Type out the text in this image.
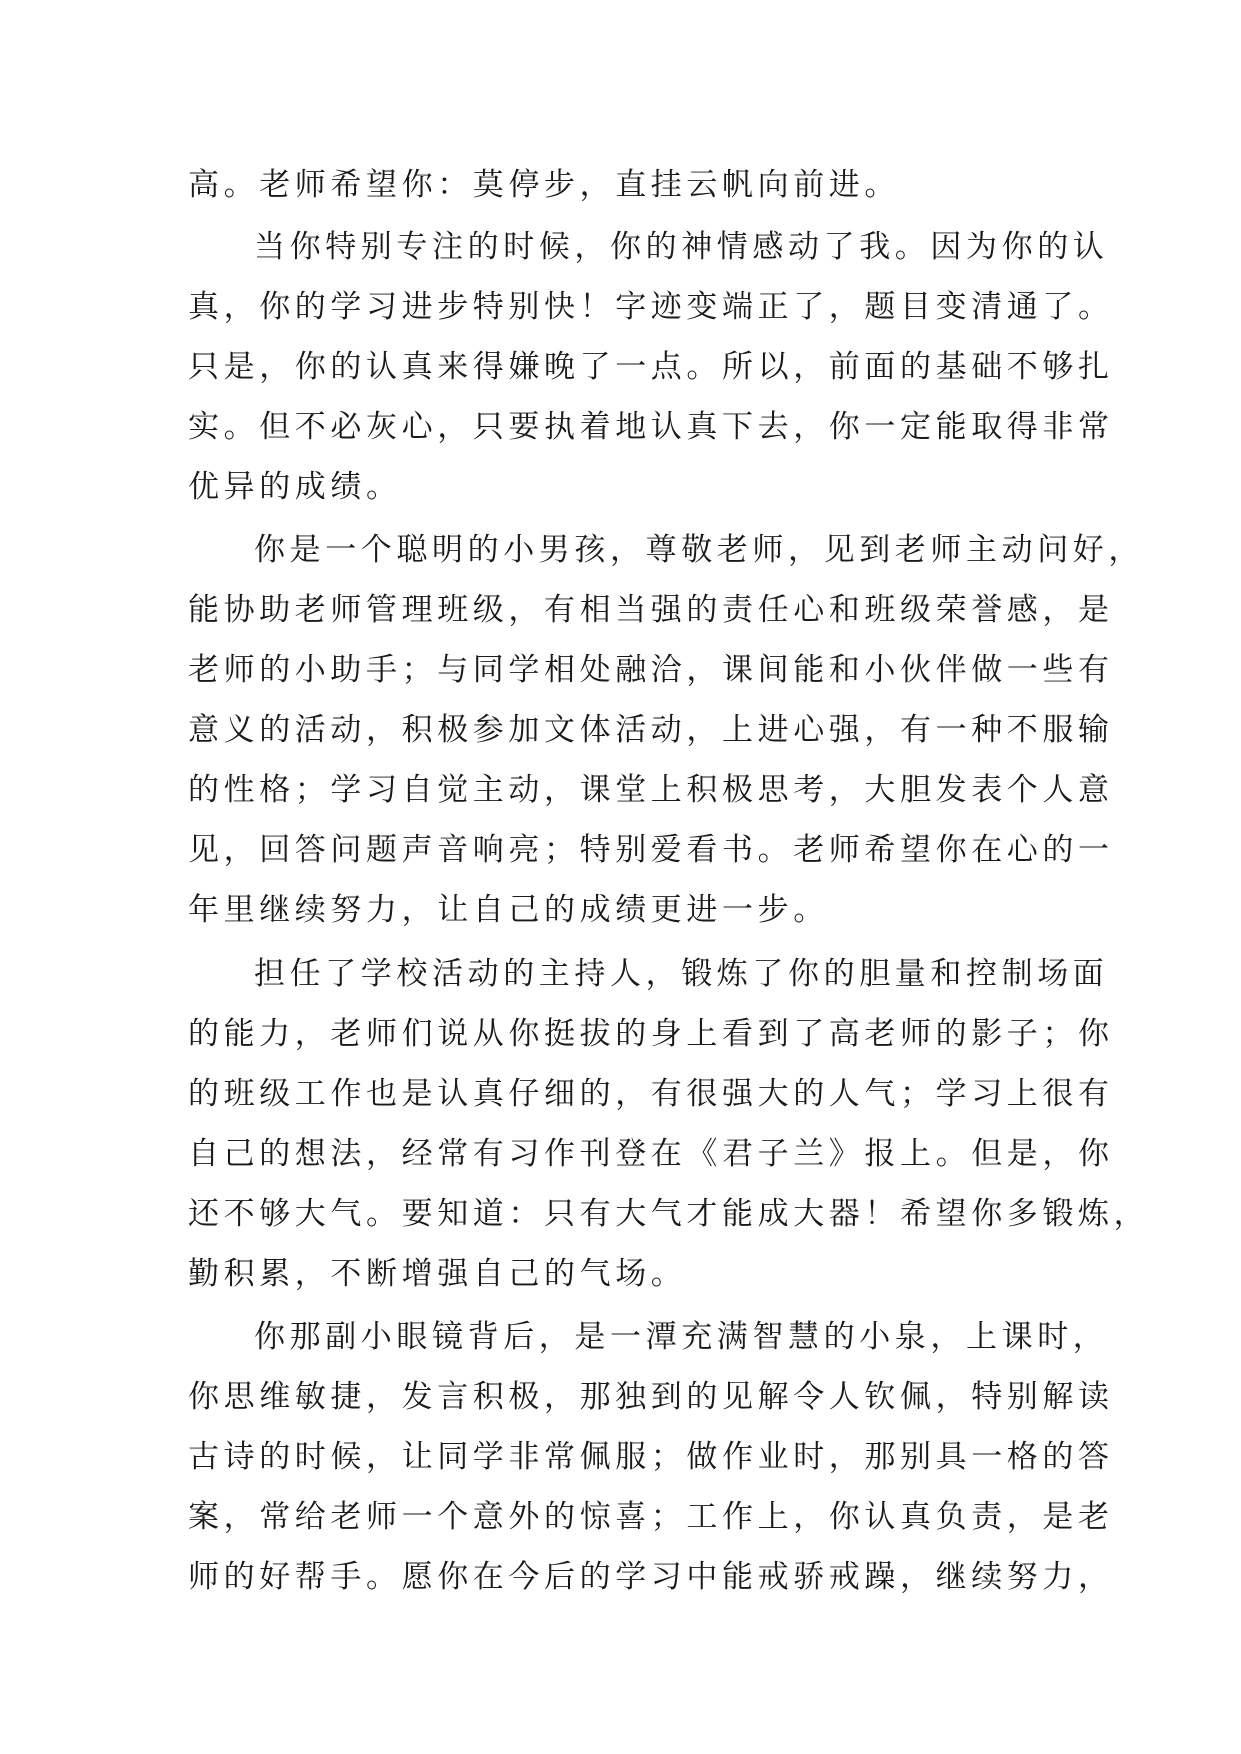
高。老师希望你：莫停步，直挂云帆向前进。
当你特别专注的时候，你的神情感动了我。因为你的认
真，你的学习进步特别快！字迹变端正了，题目变清通了。
只是，你的认真来得嫌晚了一点。所以，前面的基础不够扎
实。但不必灰心，只要执着地认真下去，你一定能取得非常
优异的成绩。
你是一个聪明的小男孩，尊敬老师，见到老师主动问好，
能协助老师管理班级，有相当强的责任心和班级荣誉感，是
老师的小助手；与同学相处融洽，课间能和小伙伴做一些有
意义的活动，积极参加文体活动，上进心强，有一种不服输
的性格；学习自觉主动，课堂上积极思考，大胆发表个人意
见，回答问题声音响亮；特别爱看书。老师希望你在心的一
年里继续努力，让自己的成绩更进一步。
担任了学校活动的主持人，锻炼了你的胆量和控制场面
的能力，老师们说从你挺拔的身上看到了高老师的影子；你
的班级工作也是认真仔细的，有很强大的人气；学习上很有
自己的想法，经常有习作刊登在《君子兰》报上。但是，你
还不够大气。要知道：只有大气才能成大器！希望你多锻炼，
勤积累，不断增强自己的气场。
你那副小眼镜背后，是一潭充满智慧的小泉，上课时，
你思维敏捷，发言积极，那独到的见解令人钦佩，特别解读
古诗的时候，让同学非常佩服；做作业时，那别具一格的答
案，常给老师一个意外的惊喜；工作上，你认真负责，是老
师的好帮手。愿你在今后的学习中能戒骄戒躁，继续努力，
